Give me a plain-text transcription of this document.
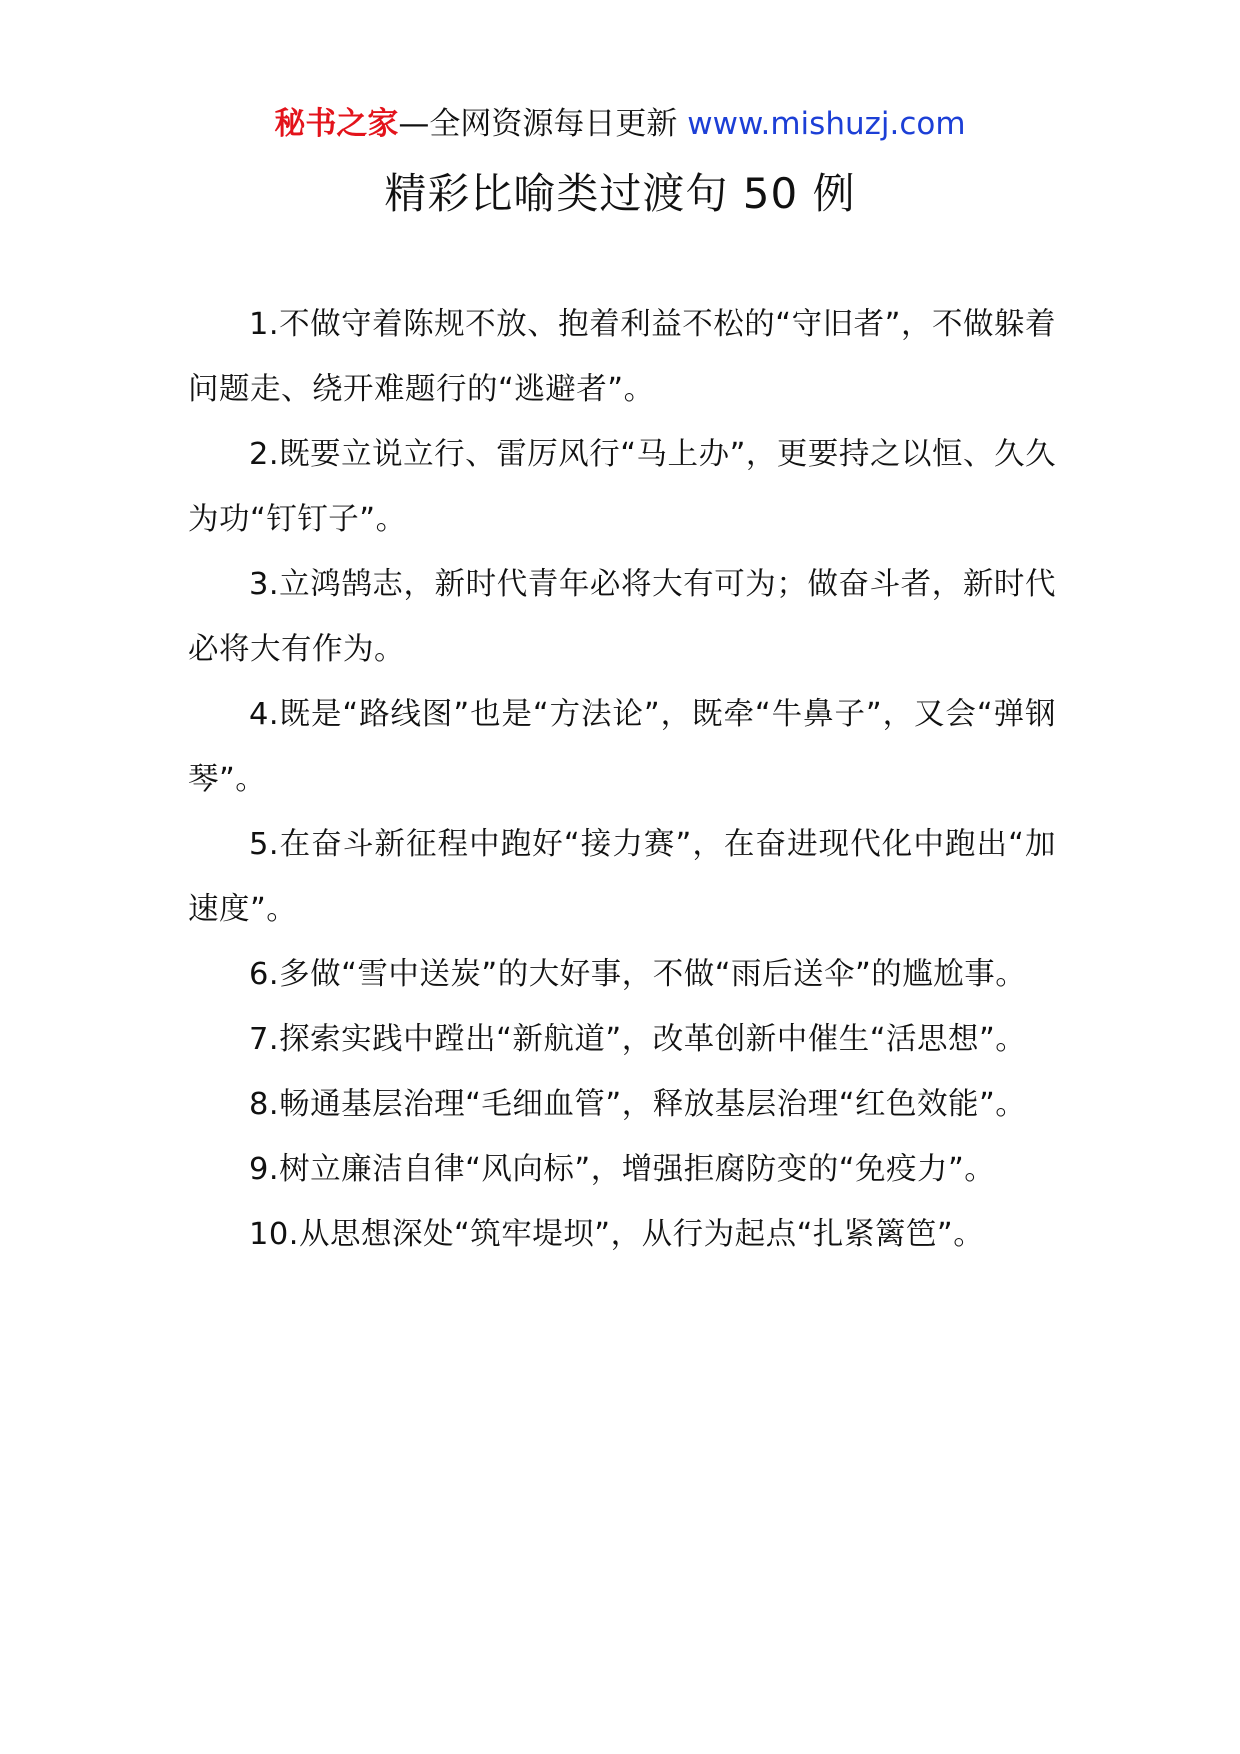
秘书之家—全网资源每日更新 www.mishuzj.com
精彩比喻类过渡句 50 例

1.不做守着陈规不放、抱着利益不松的“守旧者”，不做躲着问题走、绕开难题行的“逃避者”。

2.既要立说立行、雷厉风行“马上办”，更要持之以恒、久久为功“钉钉子”。

3.立鸿鹄志，新时代青年必将大有可为；做奋斗者，新时代必将大有作为。

4.既是“路线图”也是“方法论”，既牵“牛鼻子”，又会“弹钢琴”。

5.在奋斗新征程中跑好“接力赛”，在奋进现代化中跑出“加速度”。

6.多做“雪中送炭”的大好事，不做“雨后送伞”的尴尬事。

7.探索实践中蹚出“新航道”，改革创新中催生“活思想”。

8.畅通基层治理“毛细血管”，释放基层治理“红色效能”。

9.树立廉洁自律“风向标”，增强拒腐防变的“免疫力”。

10.从思想深处“筑牢堤坝”，从行为起点“扎紧篱笆”。
